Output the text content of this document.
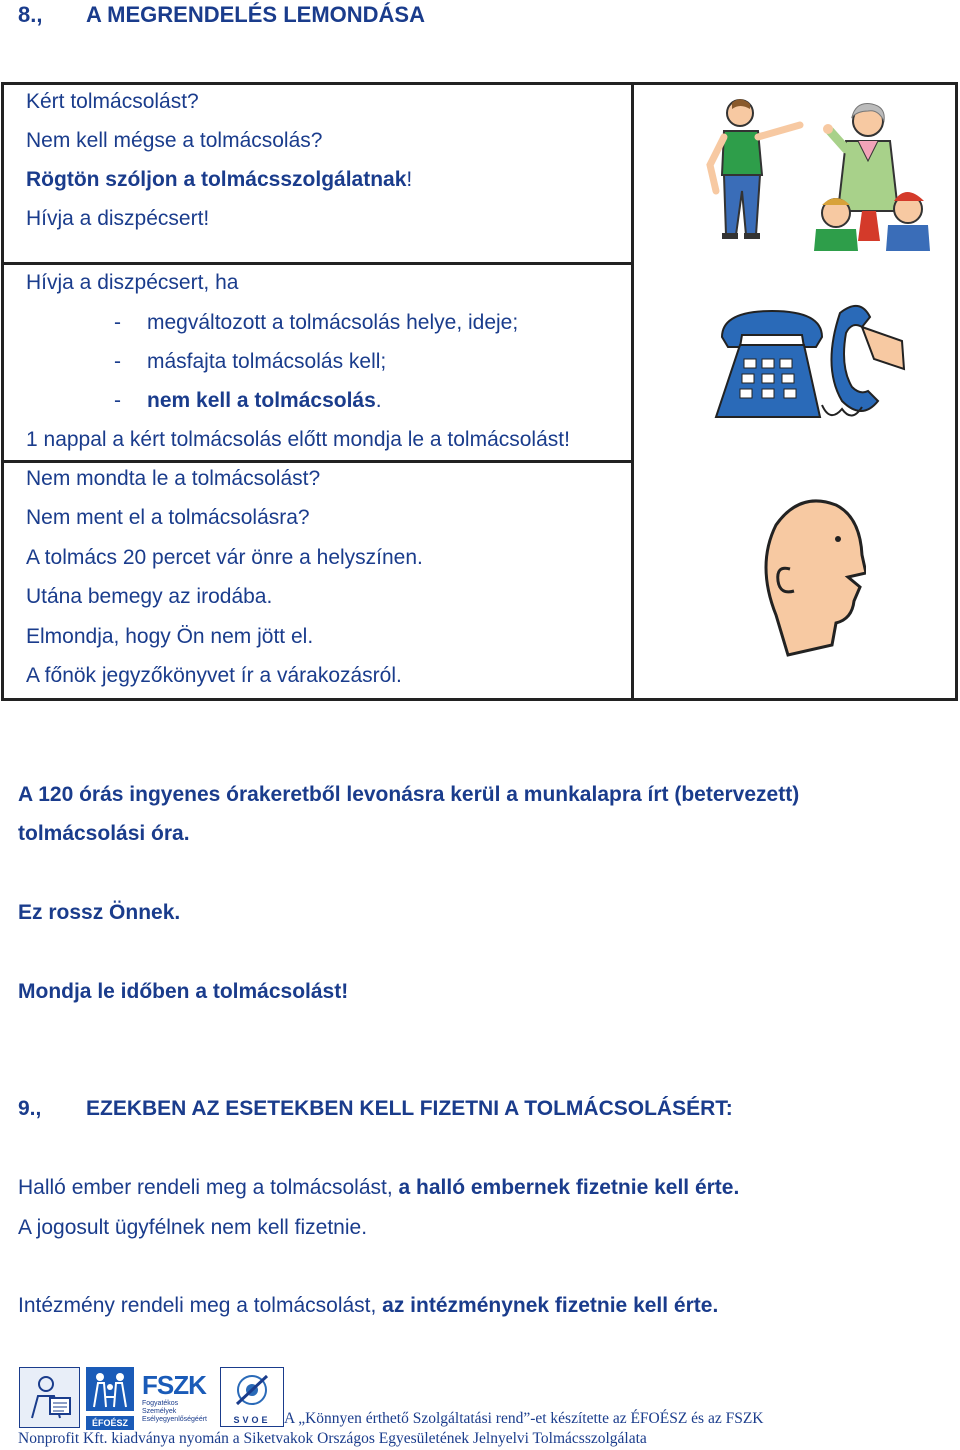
8., A MEGRENDELÉS LEMONDÁSA
Kért tolmácsolást?
Nem kell mégse a tolmácsolás?
Rögtön szóljon a tolmácsszolgálatnak!
Hívja a diszpécsert!

Hívja a diszpécsert, ha
- megváltozott a tolmácsolás helye, ideje;
- másfajta tolmácsolás kell;
- nem kell a tolmácsolás.
1 nappal a kért tolmácsolás előtt mondja le a tolmácsolást!

Nem mondta le a tolmácsolást?
Nem ment el a tolmácsolásra?
A tolmács 20 percet vár önre a helyszínen.
Utána bemegy az irodába.
Elmondja, hogy Ön nem jött el.
A főnök jegyzőkönyvet ír a várakozásról.
A 120 órás ingyenes órakeretből levonásra kerül a munkalapra írt (betervezett)
tolmácsolási óra.
Ez rossz Önnek.
Mondja le időben a tolmácsolást!
9., EZEKBEN AZ ESETEKBEN KELL FIZETNI A TOLMÁCSOLÁSÉRT:
Halló ember rendeli meg a tolmácsolást, a halló embernek fizetnie kell érte.
A jogosult ügyfélnek nem kell fizetnie.
Intézmény rendeli meg a tolmácsolást, az intézménynek fizetnie kell érte.
ÉFOÉSZ
FSZK
Fogyatékos Személyek Esélyegyenlőségéért	SVOE A „Könnyen érthető Szolgáltatási rend”-et készítette az ÉFOÉSZ és az FSZK
Nonprofit Kft. kiadványa nyomán a Siketvakok Országos Egyesületének Jelnyelvi Tolmácsszolgálata
